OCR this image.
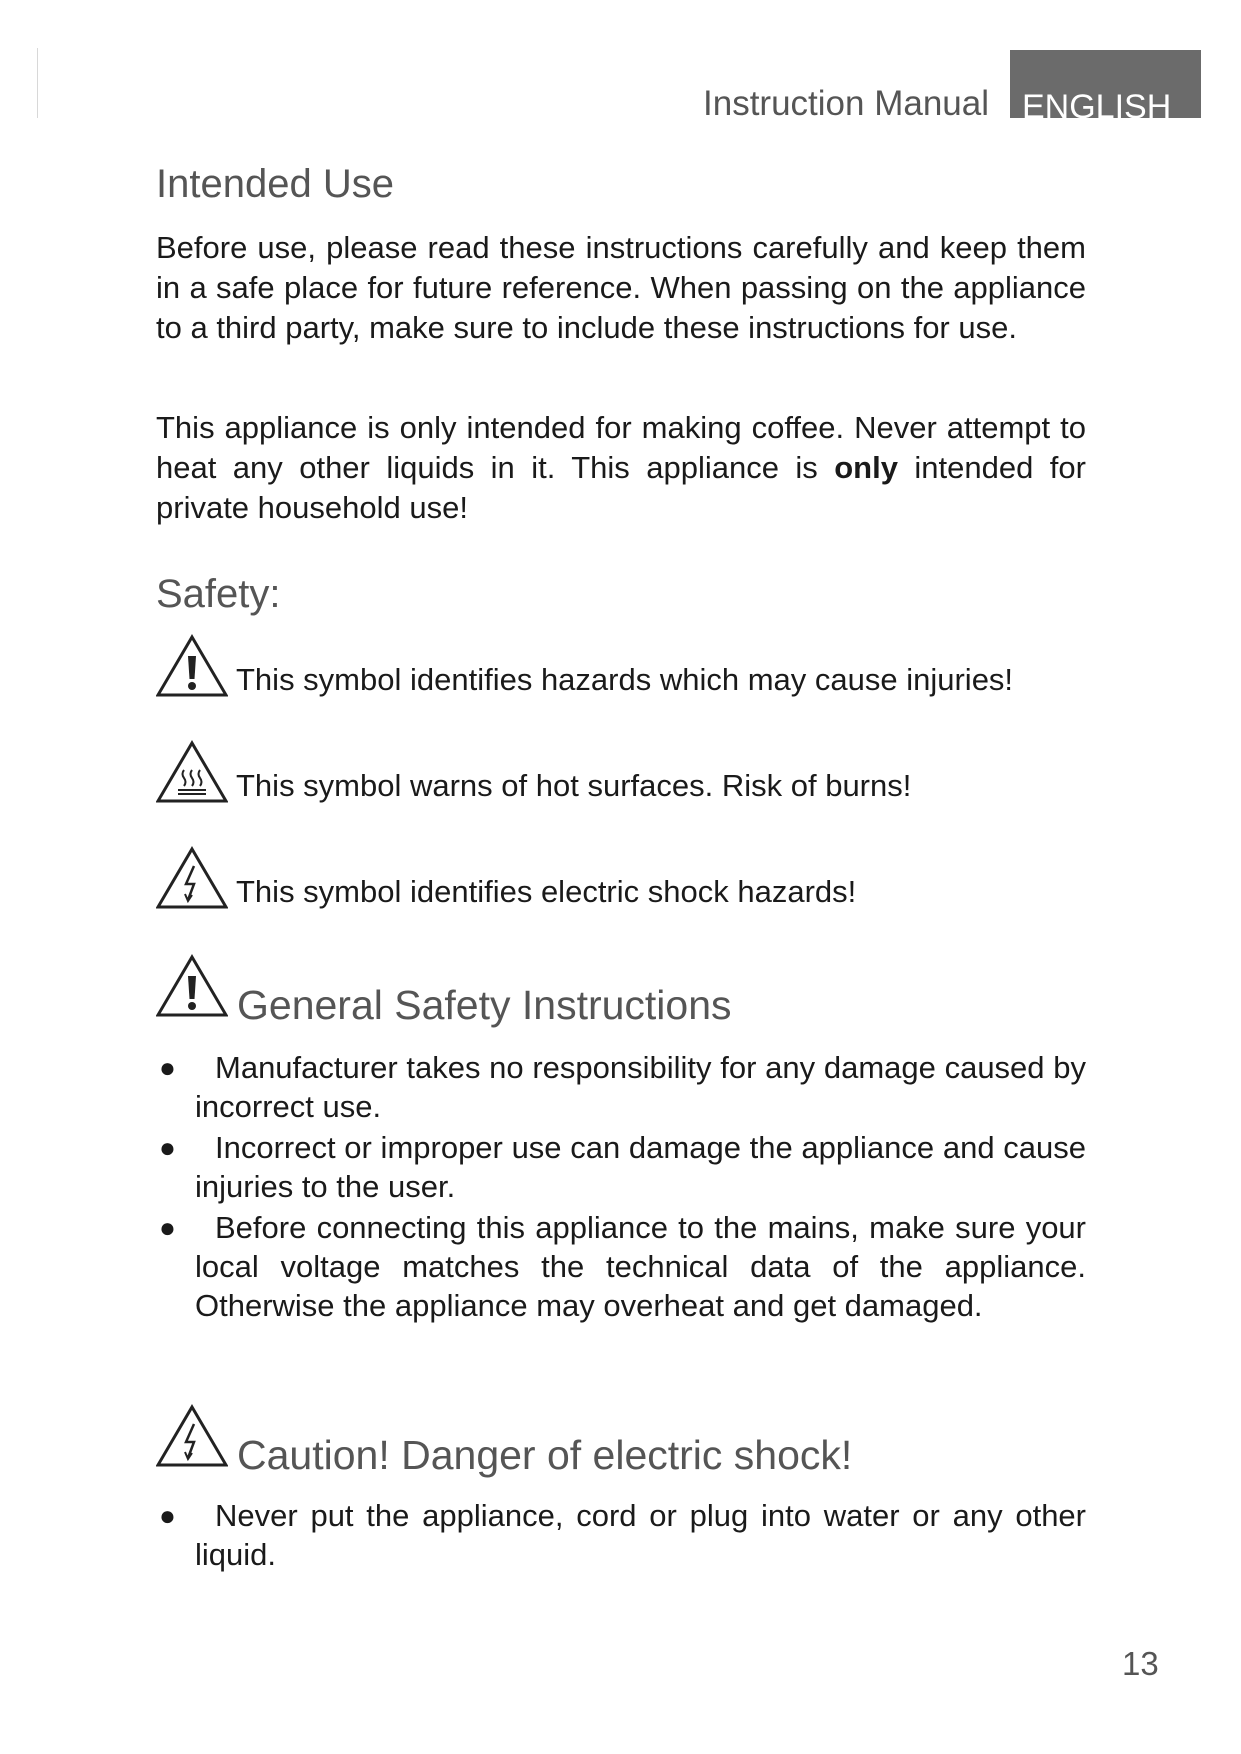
Instruction Manual ENGLISH
Intended Use

Before use, please read these instructions carefully and keep them in a safe place for future reference. When passing on the appliance to a third party, make sure to include these instructions for use.

This appliance is only intended for making coffee. Never attempt to heat any other liquids in it. This appliance is only intended for private household use!

Safety:
This symbol identifies hazards which may cause injuries!
This symbol warns of hot surfaces. Risk of burns!
This symbol identifies electric shock hazards!
General Safety Instructions
● Manufacturer takes no responsibility for any damage caused by incorrect use.
● Incorrect or improper use can damage the appliance and cause injuries to the user.
● Before connecting this appliance to the mains, make sure your local voltage matches the technical data of the appliance. Otherwise the appliance may overheat and get damaged.
Caution! Danger of electric shock!
● Never put the appliance, cord or plug into water or any other liquid.
13
